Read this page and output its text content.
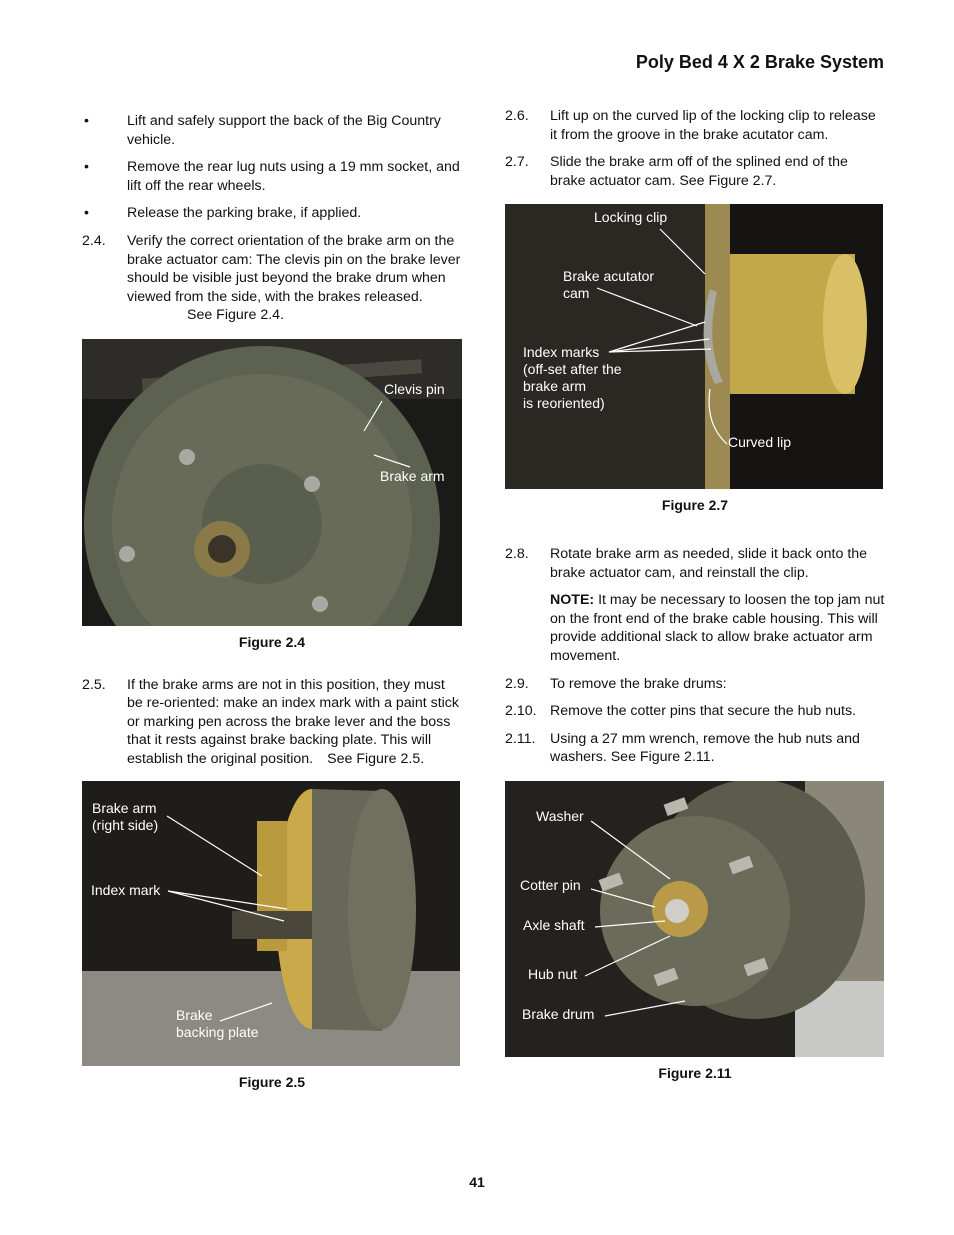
Poly Bed 4 X 2 Brake System
•	Lift and safely support the back of the Big Country vehicle.
•	Remove the rear lug nuts using a 19 mm socket, and lift off the rear wheels.
•	Release the parking brake, if applied.
2.4.	Verify the correct orientation of the brake arm on the brake actuator cam: The clevis pin on the brake lever should be visible just beyond the brake drum when viewed from the side, with the brakes released.See Figure 2.4.
Clevis pin
Brake arm
Figure 2.4
2.5.	If the brake arms are not in this position, they must be re-oriented: make an index mark with a paint stick or marking pen across the brake lever and the boss that it rests against brake backing plate. This will establish the original position. See Figure 2.5.
Brake arm
(right side)
Index mark
Brake
backing plate
Figure 2.5
2.6.	Lift up on the curved lip of the locking clip to release it from the groove in the brake acutator cam.
2.7.	Slide the brake arm off of the splined end of the brake actuator cam. See Figure 2.7.
Locking clip
Brake acutator
cam
Index marks
(off-set after the
brake arm
is reoriented)
Curved lip
Figure 2.7
2.8.	Rotate brake arm as needed, slide it back onto the brake actuator cam, and reinstall the clip.
NOTE: It may be necessary to loosen the top jam nut on the front end of the brake cable housing. This will provide additional slack to allow brake actuator arm movement.
2.9.	To remove the brake drums:
2.10. Remove the cotter pins that secure the hub nuts.
2.11.	Using a 27 mm wrench, remove the hub nuts and washers. See Figure 2.11.
Washer
Cotter pin
Axle shaft
Hub nut
Brake drum
Figure 2.11
41
